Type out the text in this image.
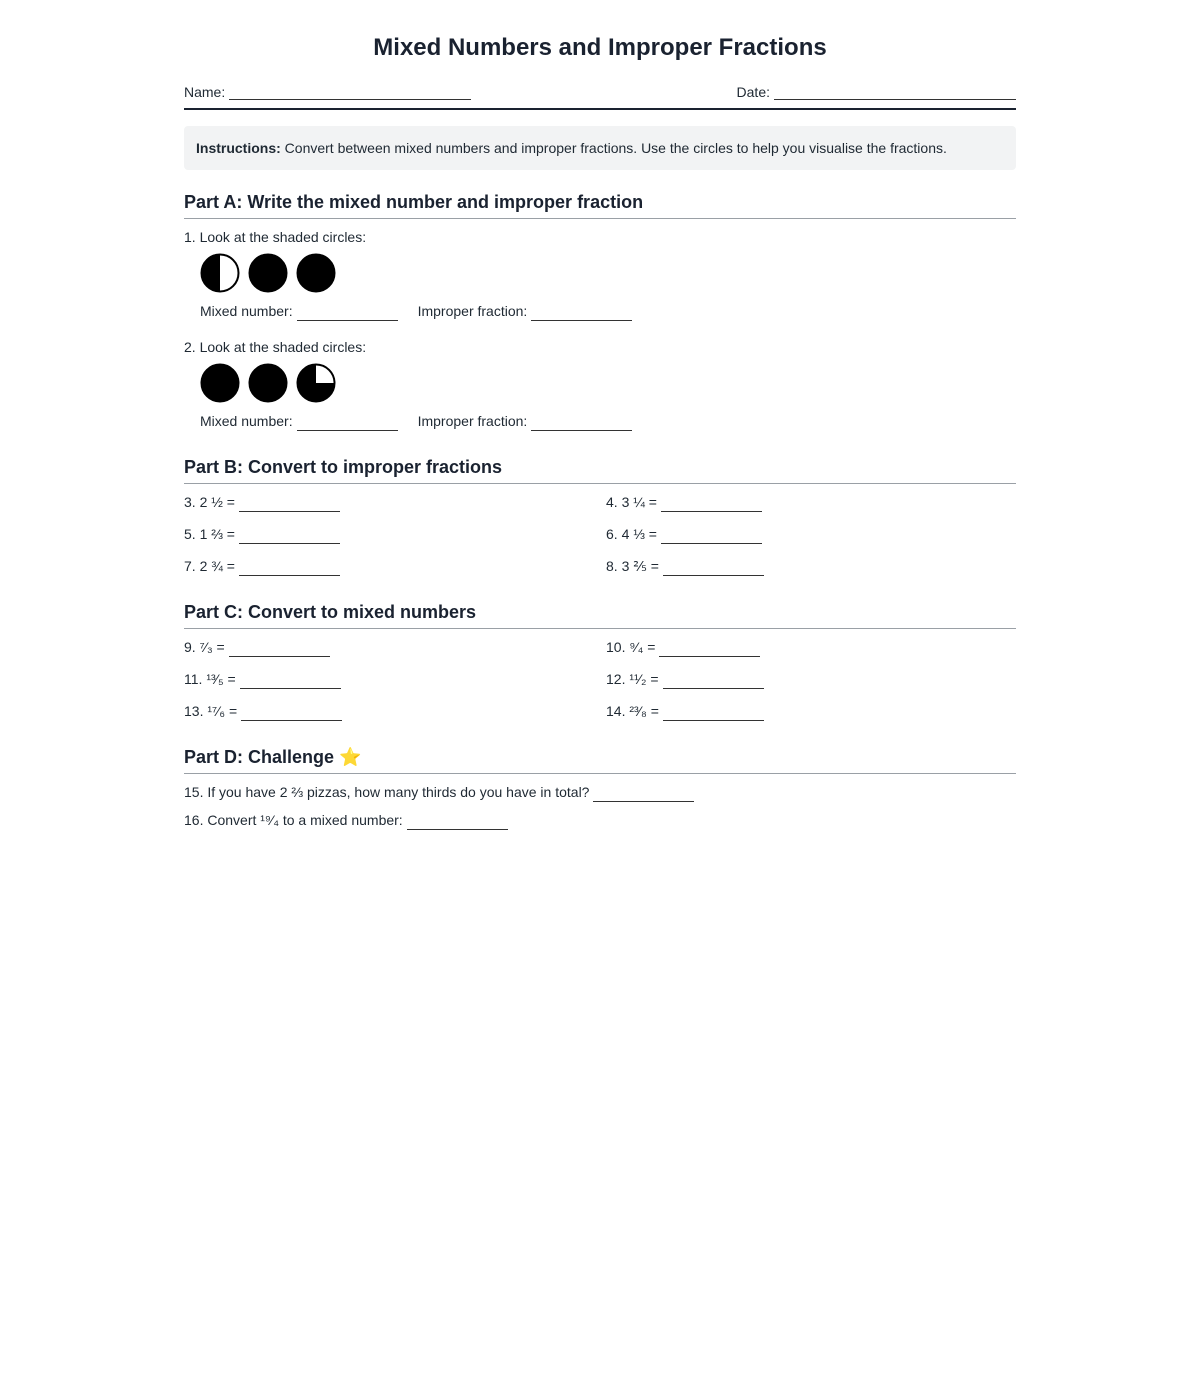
Mixed Numbers and Improper Fractions
Name:	Date:
Instructions: Convert between mixed numbers and improper fractions. Use the circles to help you visualise the fractions.
Part A: Write the mixed number and improper fraction
1. Look at the shaded circles:
Mixed number:	Improper fraction:
2. Look at the shaded circles:
Mixed number:	Improper fraction:
Part B: Convert to improper fractions
3. 2 ½ =	4. 3 ¼ =
5. 1 ⅔ =	6. 4 ⅓ =
7. 2 ¾ =	8. 3 ⅖ =
Part C: Convert to mixed numbers
9. ⁷⁄₃ =	10. ⁹⁄₄ =
11. ¹³⁄₅ =	12. ¹¹⁄₂ =
13. ¹⁷⁄₆ =	14. ²³⁄₈ =
Part D: Challenge ⭐
15. If you have 2 ⅔ pizzas, how many thirds do you have in total?
16. Convert ¹⁹⁄₄ to a mixed number:
